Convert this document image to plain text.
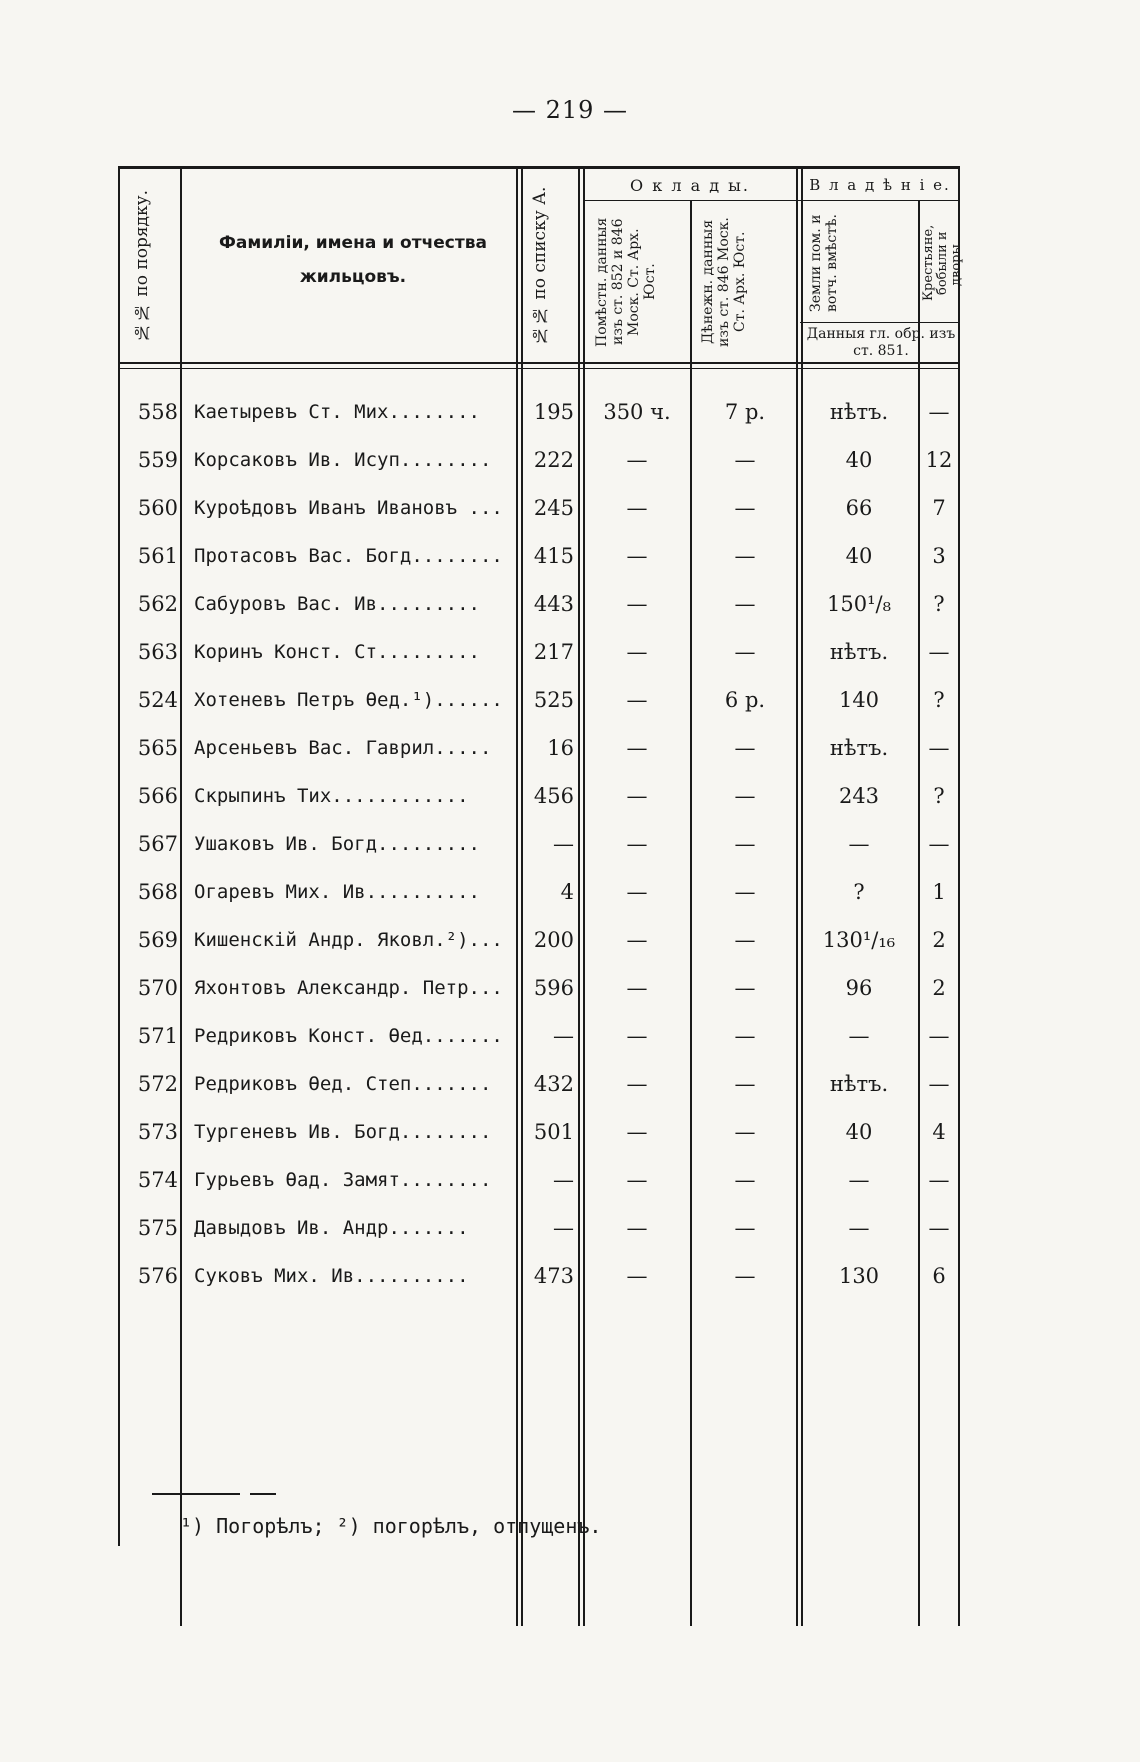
— 219 —
№№ по порядку.	Фамиліи, имена и отчества жильцовъ.	№№ по списку А.
О к л а д ы.
Помѣстн. данныя изъ ст. 852 и 846 Моск. Ст. Арх. Юст.	Дѣнежн. данныя изъ ст. 846 Моск. Ст. Арх. Юст.
В л а д ѣ н і е.
Земли пом. и вотч. вмѣстѣ.	Крестьяне, бобыли и дворы.
Данныя гл. обр. изъ ст. 851.
558 Каетыревъ Ст. Мих........	195	350 ч.	7 р.	нѣтъ.	—
559 Корсаковъ Ив. Исуп........	222	—	—	40	12
560 Куроѣдовъ Иванъ Ивановъ ...	245	—	—	66	7
561 Протасовъ Вас. Богд........	415	—	—	40	3
562 Сабуровъ Вас. Ив.........	443	—	—	150¹/₈	?
563 Коринъ Конст. Ст.........	217	—	—	нѣтъ.	—
524 Хотеневъ Петръ Ѳед.¹)......	525	—	6 р.	140	?
565 Арсеньевъ Вас. Гаврил.....	16	—	—	нѣтъ.	—
566 Скрыпинъ Тих............	456	—	—	243	?
567 Ушаковъ Ив. Богд.........	—	—	—	—	—
568 Огаревъ Мих. Ив..........	4	—	—	?	1
569 Кишенскій Андр. Яковл.²)...	200	—	—	130¹/₁₆	2
570 Яхонтовъ Александр. Петр...	596	—	—	96	2
571 Редриковъ Конст. Ѳед.......	—	—	—	—	—
572 Редриковъ Ѳед. Степ.......	432	—	—	нѣтъ.	—
573 Тургеневъ Ив. Богд........	501	—	—	40	4
574 Гурьевъ Ѳад. Замят........	—	—	—	—	—
575 Давыдовъ Ив. Андр.......	—	—	—	—	—
576 Суковъ Мих. Ив..........	473	—	—	130	6
¹) Погорѣлъ; ²) погорѣлъ, отпущенъ.
